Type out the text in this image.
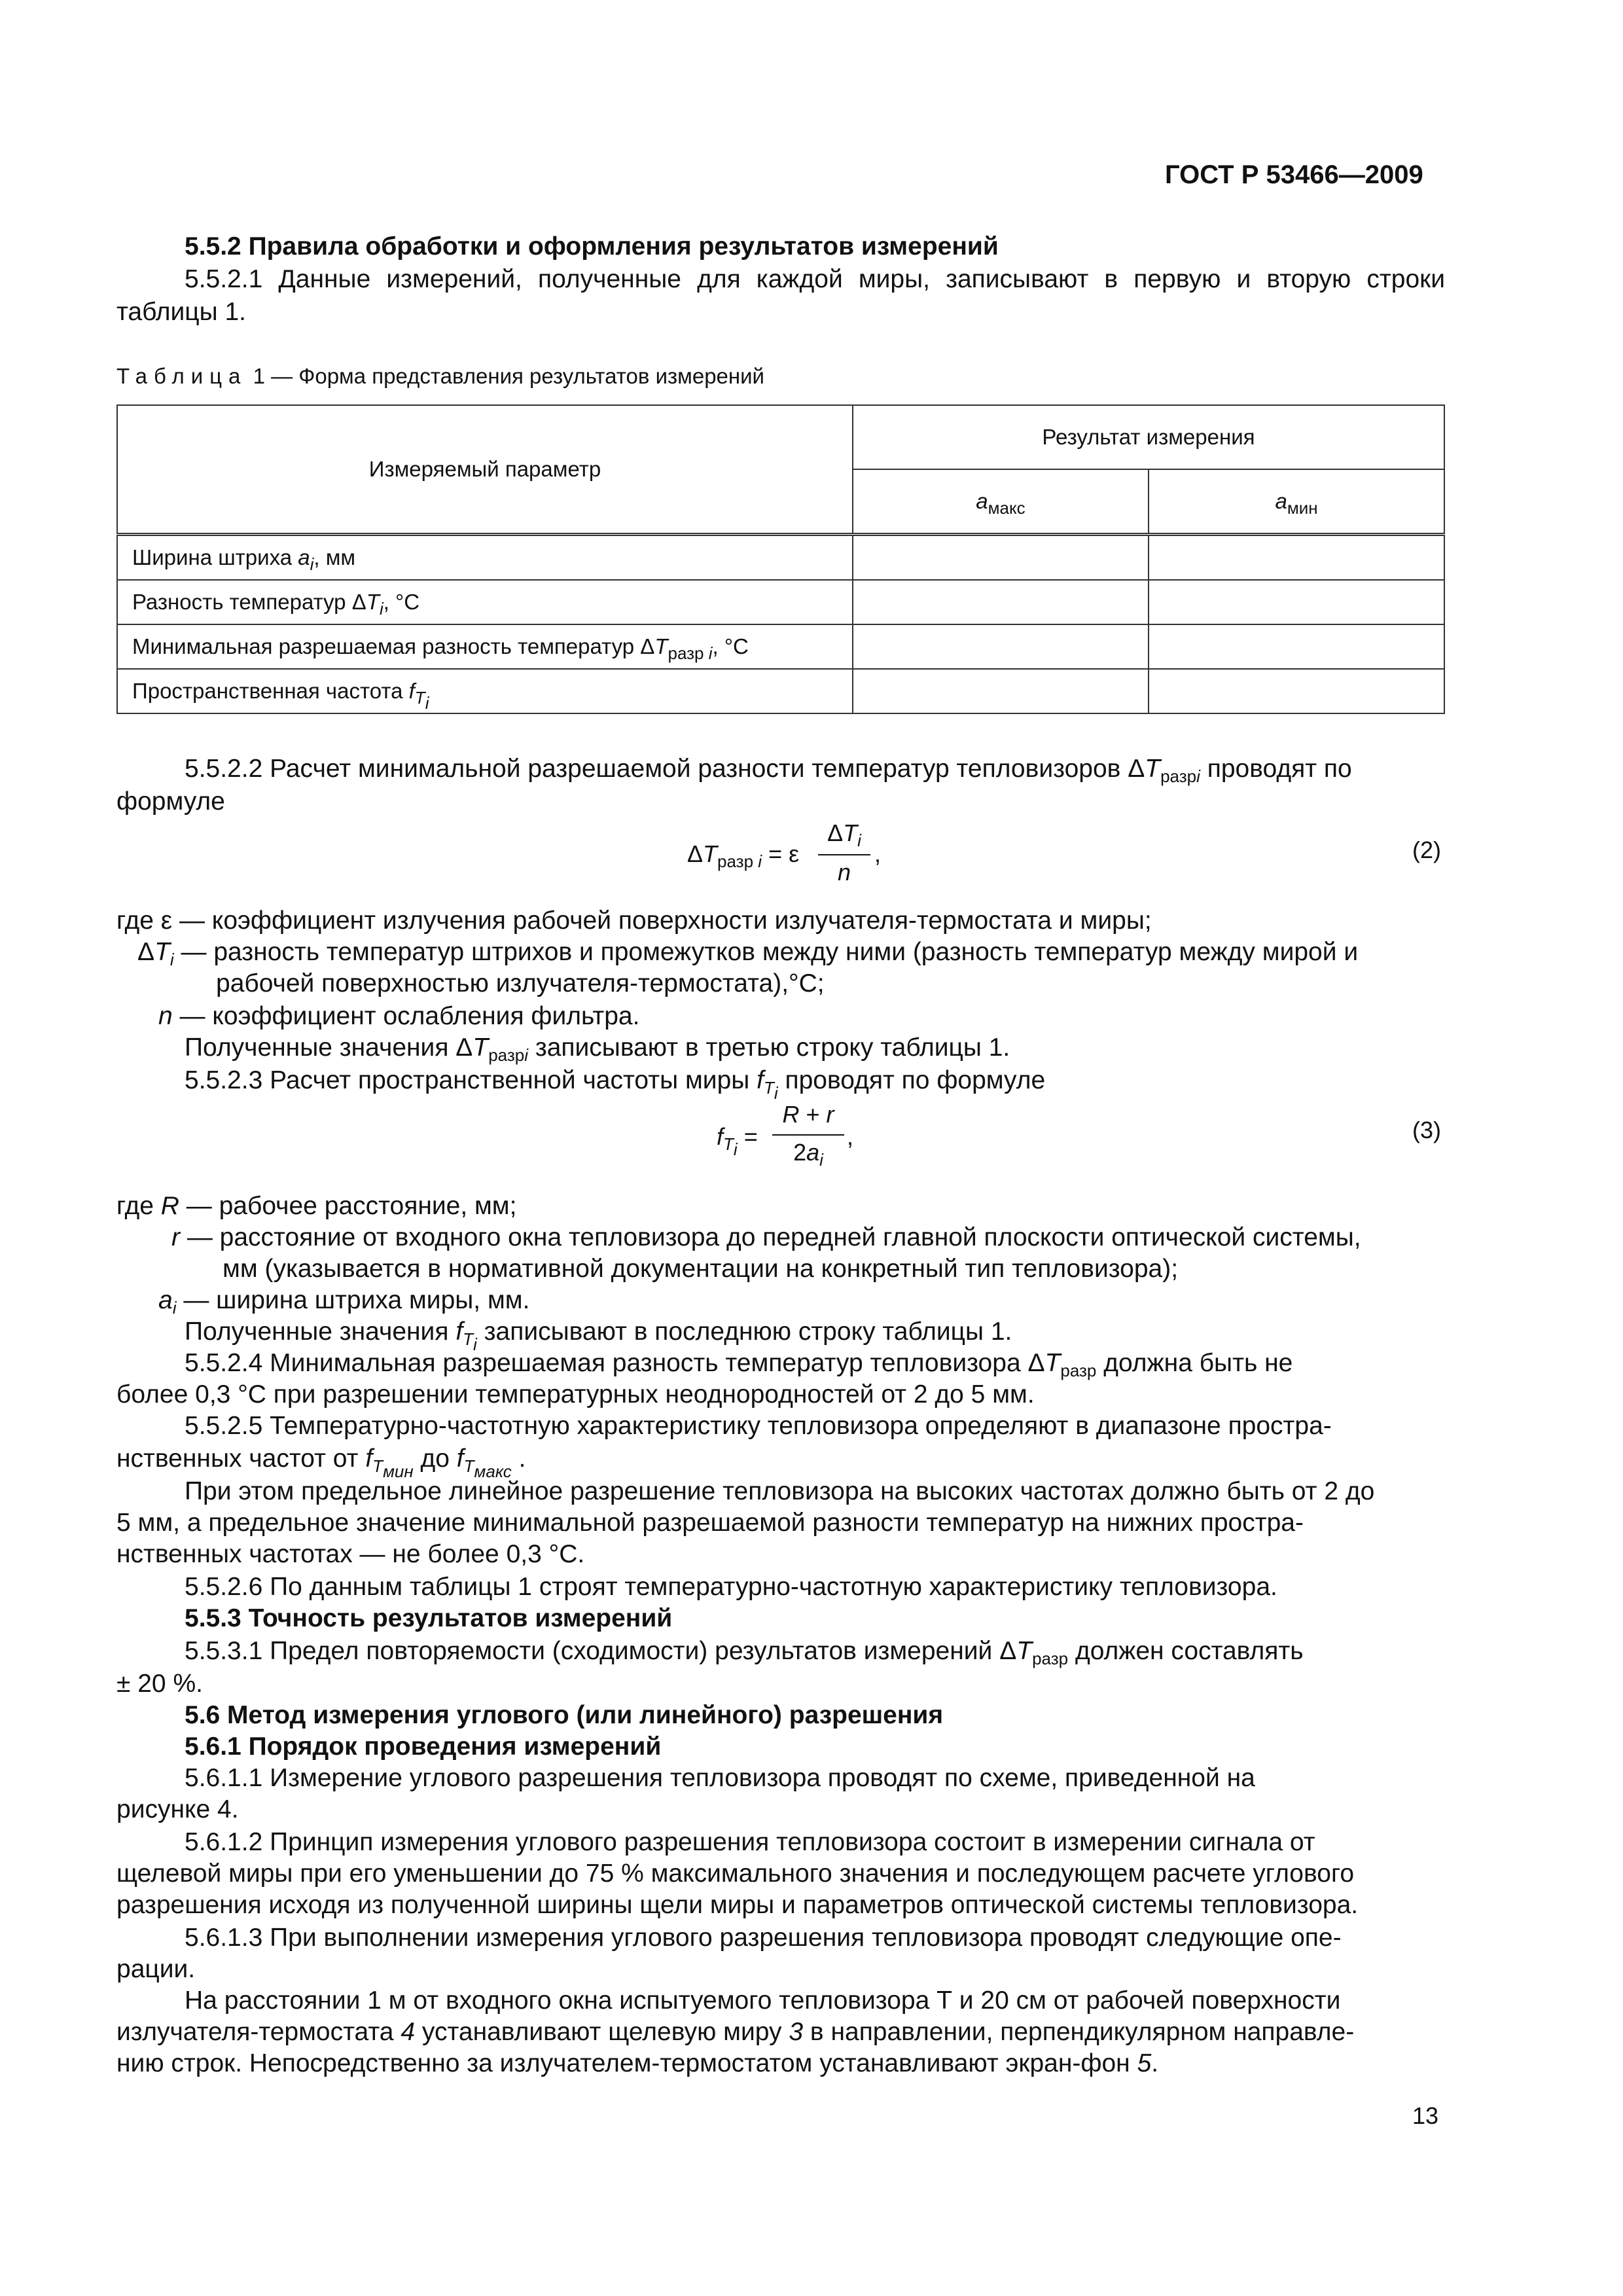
ГОСТ Р 53466—2009
5.5.2 Правила обработки и оформления результатов измерений
5.5.2.1 Данные измерений, полученные для каждой миры, записывают в первую и вторую строки
таблицы 1.
Таблица 1 — Форма представления результатов измерений
Измеряемый параметр	Результат измерения	
	$a_{макс}$	$a_{мин}$
Ширина штриха $a_i$, мм		
Разность температур $\Delta T_i$, °С		
Минимальная разрешаемая разность температур $\Delta T_{разр i}$, °С		
Пространственная частота $f_{T_i}$		
5.5.2.2 Расчет минимальной разрешаемой разности температур тепловизоров $\Delta T_{разрi}$ проводят по
формуле
$\Delta T_{разр i} = \varepsilon$
$\Delta T_i$
n
,	(2)
где ε — коэффициент излучения рабочей поверхности излучателя-термостата и миры;
$\Delta T_i$ — разность температур штрихов и промежутков между ними (разность температур между мирой и
рабочей поверхностью излучателя-термостата),°С;
n — коэффициент ослабления фильтра.
Полученные значения $\Delta T_{разрi}$ записывают в третью строку таблицы 1.
5.5.2.3 Расчет пространственной частоты миры $f_{T_i}$ проводят по формуле
$f_{T_i}$ =
R + r
$2a_i$
,	(3)
где R — рабочее расстояние, мм;
r — расстояние от входного окна тепловизора до передней главной плоскости оптической системы,
мм (указывается в нормативной документации на конкретный тип тепловизора);
$a_i$ — ширина штриха миры, мм.
Полученные значения $f_{T_i}$ записывают в последнюю строку таблицы 1.
5.5.2.4 Минимальная разрешаемая разность температур тепловизора $\Delta T_{разр}$ должна быть не
более 0,3 °С при разрешении температурных неоднородностей от 2 до 5 мм.
5.5.2.5 Температурно-частотную характеристику тепловизора определяют в диапазоне простра-
нственных частот от $f_{T_{мин}}$ до $f_{T_{макс}}$ .
При этом предельное линейное разрешение тепловизора на высоких частотах должно быть от 2 до
5 мм, а предельное значение минимальной разрешаемой разности температур на нижних простра-
нственных частотах — не более 0,3 °С.
5.5.2.6 По данным таблицы 1 строят температурно-частотную характеристику тепловизора.
5.5.3 Точность результатов измерений
5.5.3.1 Предел повторяемости (сходимости) результатов измерений $\Delta T_{разр}$ должен составлять
± 20 %.
5.6 Метод измерения углового (или линейного) разрешения
5.6.1 Порядок проведения измерений
5.6.1.1 Измерение углового разрешения тепловизора проводят по схеме, приведенной на
рисунке 4.
5.6.1.2 Принцип измерения углового разрешения тепловизора состоит в измерении сигнала от
щелевой миры при его уменьшении до 75 % максимального значения и последующем расчете углового
разрешения исходя из полученной ширины щели миры и параметров оптической системы тепловизора.
5.6.1.3 При выполнении измерения углового разрешения тепловизора проводят следующие опе-
рации.
На расстоянии 1 м от входного окна испытуемого тепловизора Т и 20 см от рабочей поверхности
излучателя-термостата 4 устанавливают щелевую миру 3 в направлении, перпендикулярном направле-
нию строк. Непосредственно за излучателем-термостатом устанавливают экран-фон 5.
13
